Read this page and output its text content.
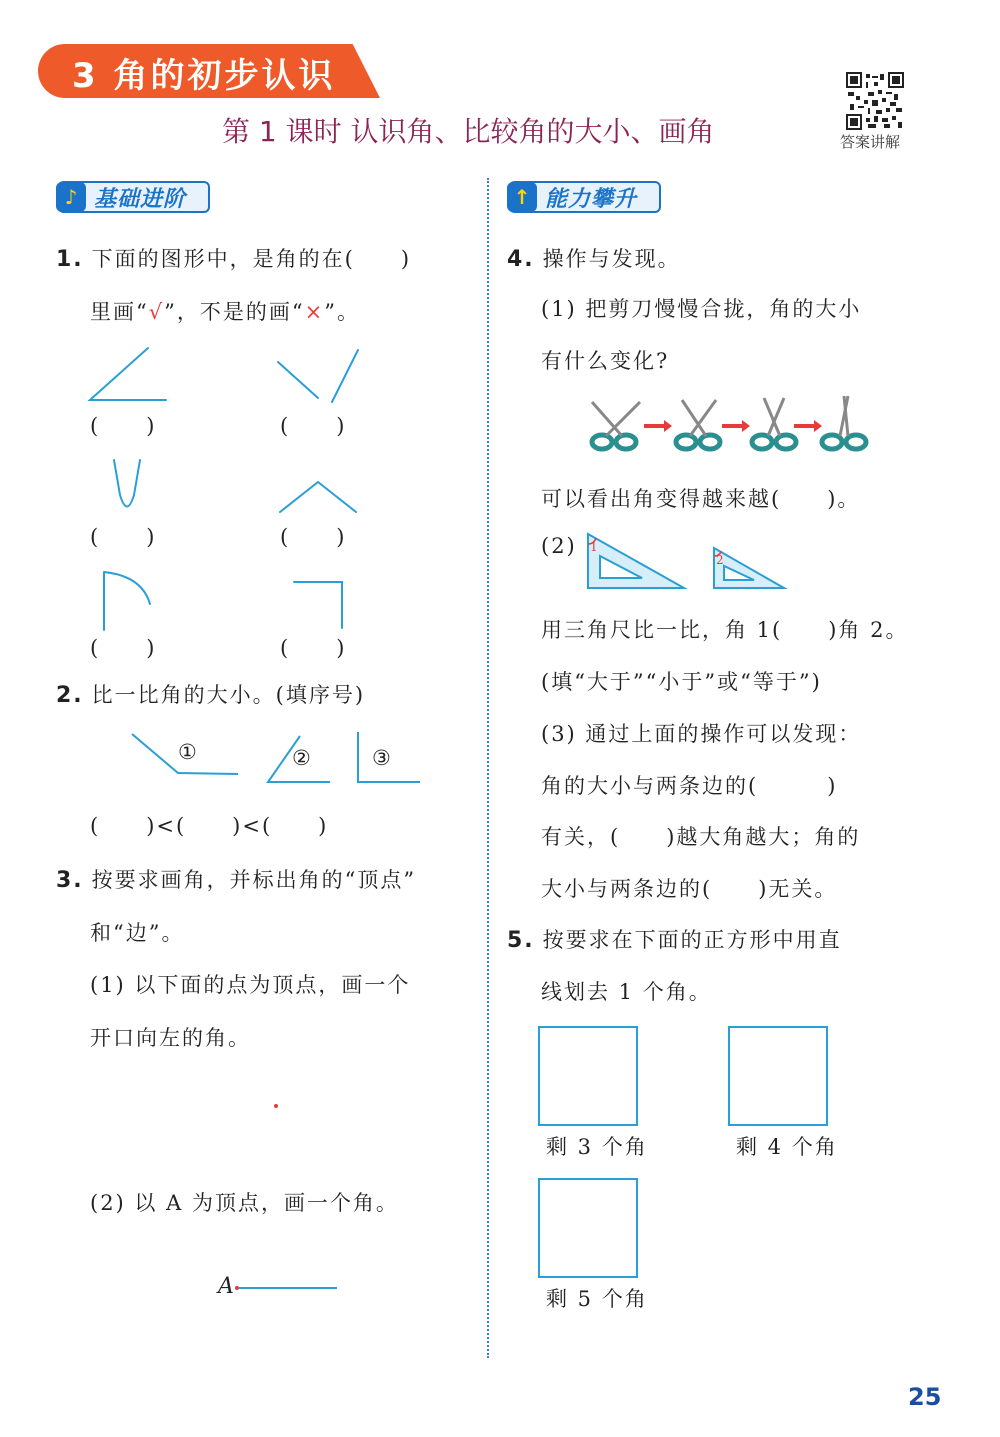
3 角的初步认识
第 1 课时 认识角、比较角的大小、画角	答案讲解
♪ 基础进阶	↑ 能力攀升
1. 下面的图形中，是角的在(　　)
里画“√”，不是的画“×”。
(　　)	(　　)
(　　)	(　　)
(　　)	(　　)
2. 比一比角的大小。(填序号)
①	②	③
(　　)<(　　)<(　　)
3. 按要求画角，并标出角的“顶点”
和“边”。
(1) 以下面的点为顶点，画一个
开口向左的角。
(2) 以 A 为顶点，画一个角。
A
4. 操作与发现。
(1) 把剪刀慢慢合拢，角的大小
有什么变化?
可以看出角变得越来越(　　)。
(2) 1
2
用三角尺比一比，角 1(　　)角 2。
(填“大于”“小于”或“等于”)
(3) 通过上面的操作可以发现：
角的大小与两条边的(　　　)
有关，(　　)越大角越大；角的
大小与两条边的(　　)无关。
5. 按要求在下面的正方形中用直
线划去 1 个角。
剩 3 个角	剩 4 个角
剩 5 个角
25
